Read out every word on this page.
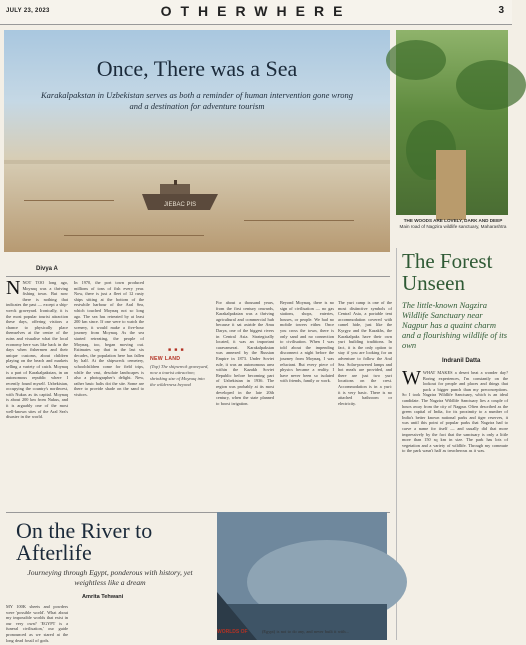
JULY 23, 2023	OTHERWHERE	3
Once, There was a Sea
Karakalpakstan in Uzbekistan serves as both a reminder of human intervention gone wrong and a destination for adventure tourism
JIEBAC PIS
THE WOODS ARE LOVELY, DARK AND DEEP
Main road of Nagzira wildlife sanctuary, Maharashtra
Divya A
NNOT TOO long ago, Moynaq was a thriving fishing town. But now there is nothing that indicates the past — except a ship-wreck graveyard. Ironically, it is the most popular tourist attraction these days, offering visitors a chance to physically place themselves at the centre of the ruins and visualise what the local economy here was like back in the days when fishermen and their unique customs, about children playing on the beach and markets selling a variety of catch. Moynaq is a part of Karakalpakstan, in an autonomous republic where I recently found myself. Uzbekistan, occupying the country's northwest, with Nukus as its capital. Moynaq is about 200 km from Nukus, and it is arguably one of the most well-known sites of the Aral Sea's disaster in the world.
In 1970, the port town produced millions of tons of fish every year. Now, there is just a fleet of 12 rusty ships sitting at the bottom of the erstwhile harbour of the Aral Sea, which touched Moynaq not so long ago. The sea has retreated by at least 200 km since. If one were to watch the scenery, it would make a five-hour journey from Moynaq. As the sea started retreating, the people of Moynaq, too, began moving out. Estimates say that in the last six decades, the population here has fallen by half. At the shipwreck cemetery, schoolchildren come for field trips, while the vast, desolate landscapes is also a photographer's delight. New, rather basic halts dot the site. Some are there to provide shade on the sand to visitors.
■ ■ ■
NEW LAND
(Top) The shipwreck graveyard, now a tourist attraction; shrinking size of Moynaq into the wilderness beyond
For about a thousand years, from the first century onwards, Karakalpakstan was a thriving agricultural and commercial hub because it sat astride the Amu Darya, one of the biggest rivers in Central Asia. Strategically located, it was an important caravanserai. Karakalpakstan was annexed by the Russian Empire in 1873. Under Soviet rule, it was an autonomous area within the Kazakh Soviet Republic before becoming part of Uzbekistan in 1936. The region was probably at its most developed in the late 20th century, when the state planned to boost irrigation.
Beyond Moynaq, there is no sign of civilisation — no gas stations, shops, eateries, houses, or people. We had no mobile towers either. Once you cross the town, there is only sand and no connection to civilisation. When I was told about the impending disconnect a night before the journey from Moynaq, I was reluctant. But every piece of physics became a reality. I have never been so isolated with friends, family or work.
The yurt camp is one of the most distinctive symbols of Central Asia, a portable tent accommodation covered with camel hide, just like the Kyrgyz and the Kazakhs, the Karakalpaks have their own yurt building traditions. In fact, it is the only option to stay if you are looking for an adventure to follow the Aral Sea. Solar-powered lamps and hot meals are provided, and there are just two yurt locations on the crest. Accommodation is in a yurt: it is very basic. There is no attached bathroom or electricity.
The Forest Unseen
The little-known Nagzira Wildlife Sanctuary near Nagpur has a quaint charm and a flourishing wildlife of its own
Indranil Datta
WWHAT MAKES a desert beat a wonder day? Boring experiences, I'm constantly on the lookout for people and places and things that pack a bigger punch than my preconceptions. So I took Nagzira Wildlife Sanctuary, which is an ideal candidate. The Nagzira Wildlife Sanctuary lies a couple of hours away from the city of Nagpur. Often described as the green capital of India, for its proximity to a number of India's better known national parks and tiger reserves, it was until this point of popular parks that Nagzira had to carve a name for itself — and usually did that more impressively by the fact that the sanctuary is only a little more than 150 sq km in size. The park has lots of vegetation and a variety of wildlife. Through my commute to the park wasn't half as treacherous as it was.
On the River to Afterlife
Journeying through Egypt, ponderous with history, yet weightless like a dream
Amrita Tehwani
MY 100K sheets and powders were 'possible world'. What about my impossible worlds that exist in our very own? 'EGYPT is a funeral civilisation,' our guide pronounced as we stared at the long dead fossil of gods.
WORLDS OF	(Egypt) is not to do any, and never built it with...
